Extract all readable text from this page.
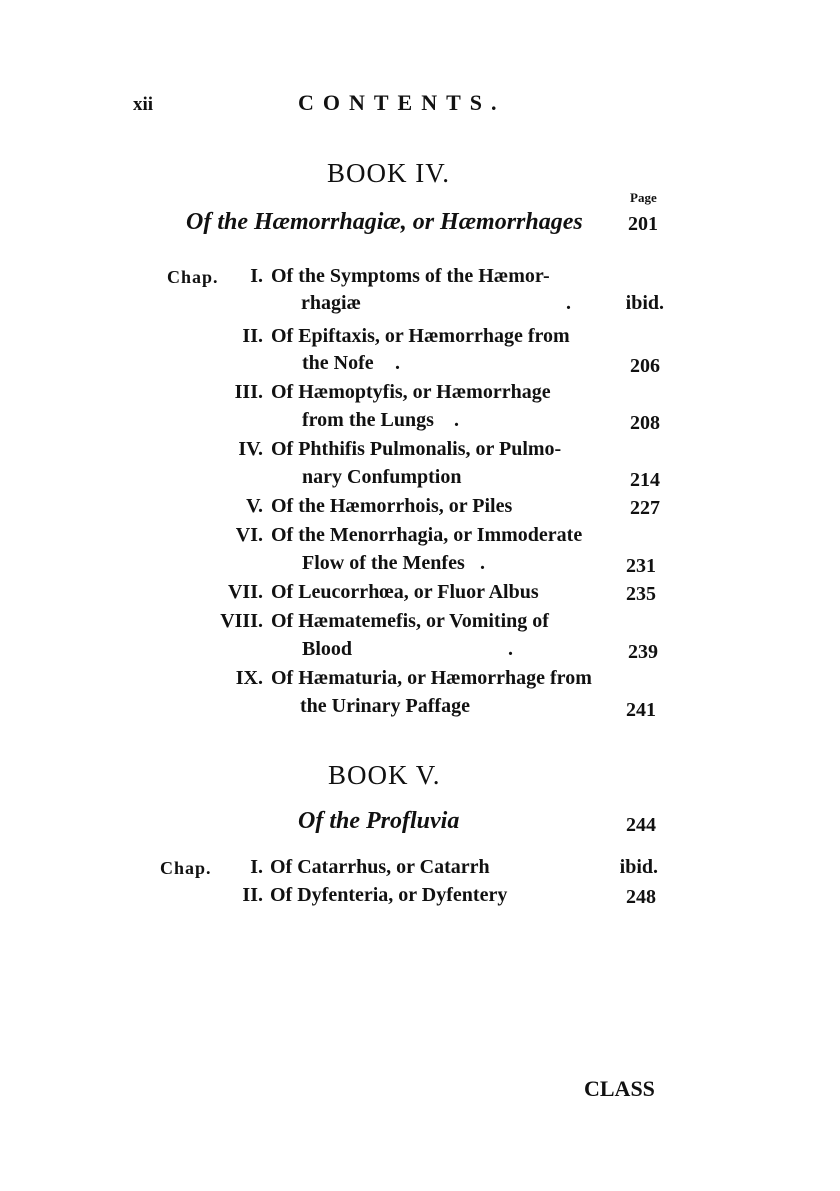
xii	CONTENTS.
BOOK IV.
Page
Of the Hæmorrhagiæ, or Hæmorrhages	201
Chap.	I. Of the Symptoms of the Hæmor-
rhagiæ	.	ibid.
II. Of Epiftaxis, or Hæmorrhage from
the Nofe .	206
III. Of Hæmoptyfis, or Hæmorrhage
from the Lungs .	208
IV. Of Phthifis Pulmonalis, or Pulmo-
nary Confumption	214
V. Of the Hæmorrhois, or Piles	227
VI. Of the Menorrhagia, or Immoderate
Flow of the Menfes .	231
VII. Of Leucorrhœa, or Fluor Albus	235
VIII. Of Hæmatemefis, or Vomiting of
Blood	.	239
IX. Of Hæmaturia, or Hæmorrhage from
the Urinary Paffage	241
BOOK V.
Of the Profluvia	244
Chap.	I. Of Catarrhus, or Catarrh	ibid.
II. Of Dyfenteria, or Dyfentery	248
CLASS
